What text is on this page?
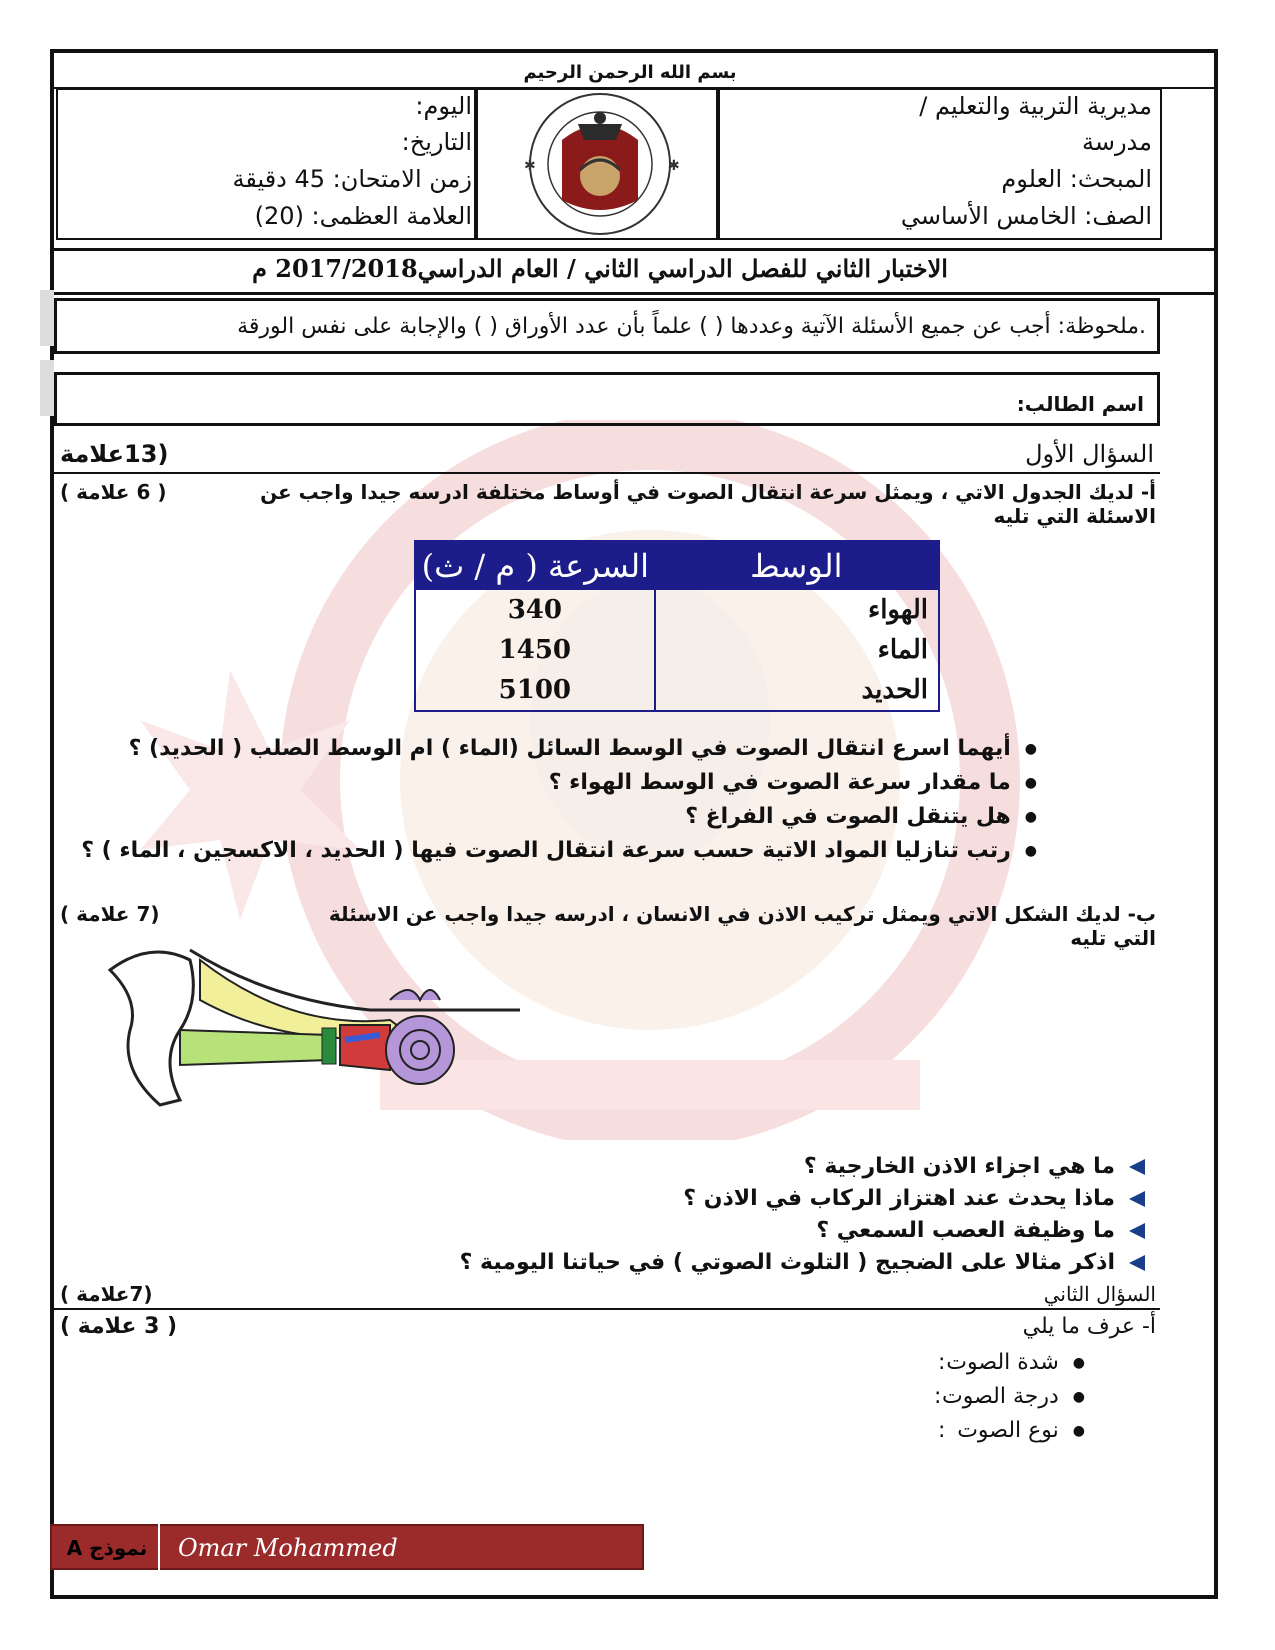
بسم الله الرحمن الرحيم
مديرية التربية والتعليم /
مدرسة
المبحث: العلوم
الصف: الخامس الأساسي
✱	✱
اليوم:
التاريخ:
زمن الامتحان: 45 دقيقة
العلامة العظمى: (20)
الاختبار الثاني للفصل الدراسي الثاني / العام الدراسي2017/2018 م
.ملحوظة: أجب عن جميع الأسئلة الآتية وعددها ( ) علماً بأن عدد الأوراق ( ) والإجابة على نفس الورقة
اسم الطالب:
السؤال الأول
(13علامة
أ- لديك الجدول الاتي ، ويمثل سرعة انتقال الصوت في أوساط مختلفة ادرسه جيدا واجب عن الاسئلة التي تليه
( 6 علامة )
الوسط	السرعة ( م / ث)
الهواء	340
الماء	1450
الحديد	5100
● أيهما اسرع انتقال الصوت في الوسط السائل (الماء ) ام الوسط الصلب ( الحديد) ؟
● ما مقدار سرعة الصوت في الوسط الهواء ؟
● هل يتنقل الصوت في الفراغ ؟
● رتب تنازليا المواد الاتية حسب سرعة انتقال الصوت فيها ( الحديد ، الاكسجين ، الماء ) ؟
ب- لديك الشكل الاتي ويمثل تركيب الاذن في الانسان ، ادرسه جيدا واجب عن الاسئلة التي تليه
(7 علامة )
ما هي اجزاء الاذن الخارجية ؟
ماذا يحدث عند اهتزاز الركاب في الاذن ؟
ما وظيفة العصب السمعي ؟
اذكر مثالا على الضجيج ( التلوث الصوتي ) في حياتنا اليومية ؟
السؤال الثاني
(7علامة )
أ- عرف ما يلي
( 3 علامة )
● شدة الصوت
:
● درجة الصوت
:
● نوع الصوت
:
نموذج A Omar Mohammed
